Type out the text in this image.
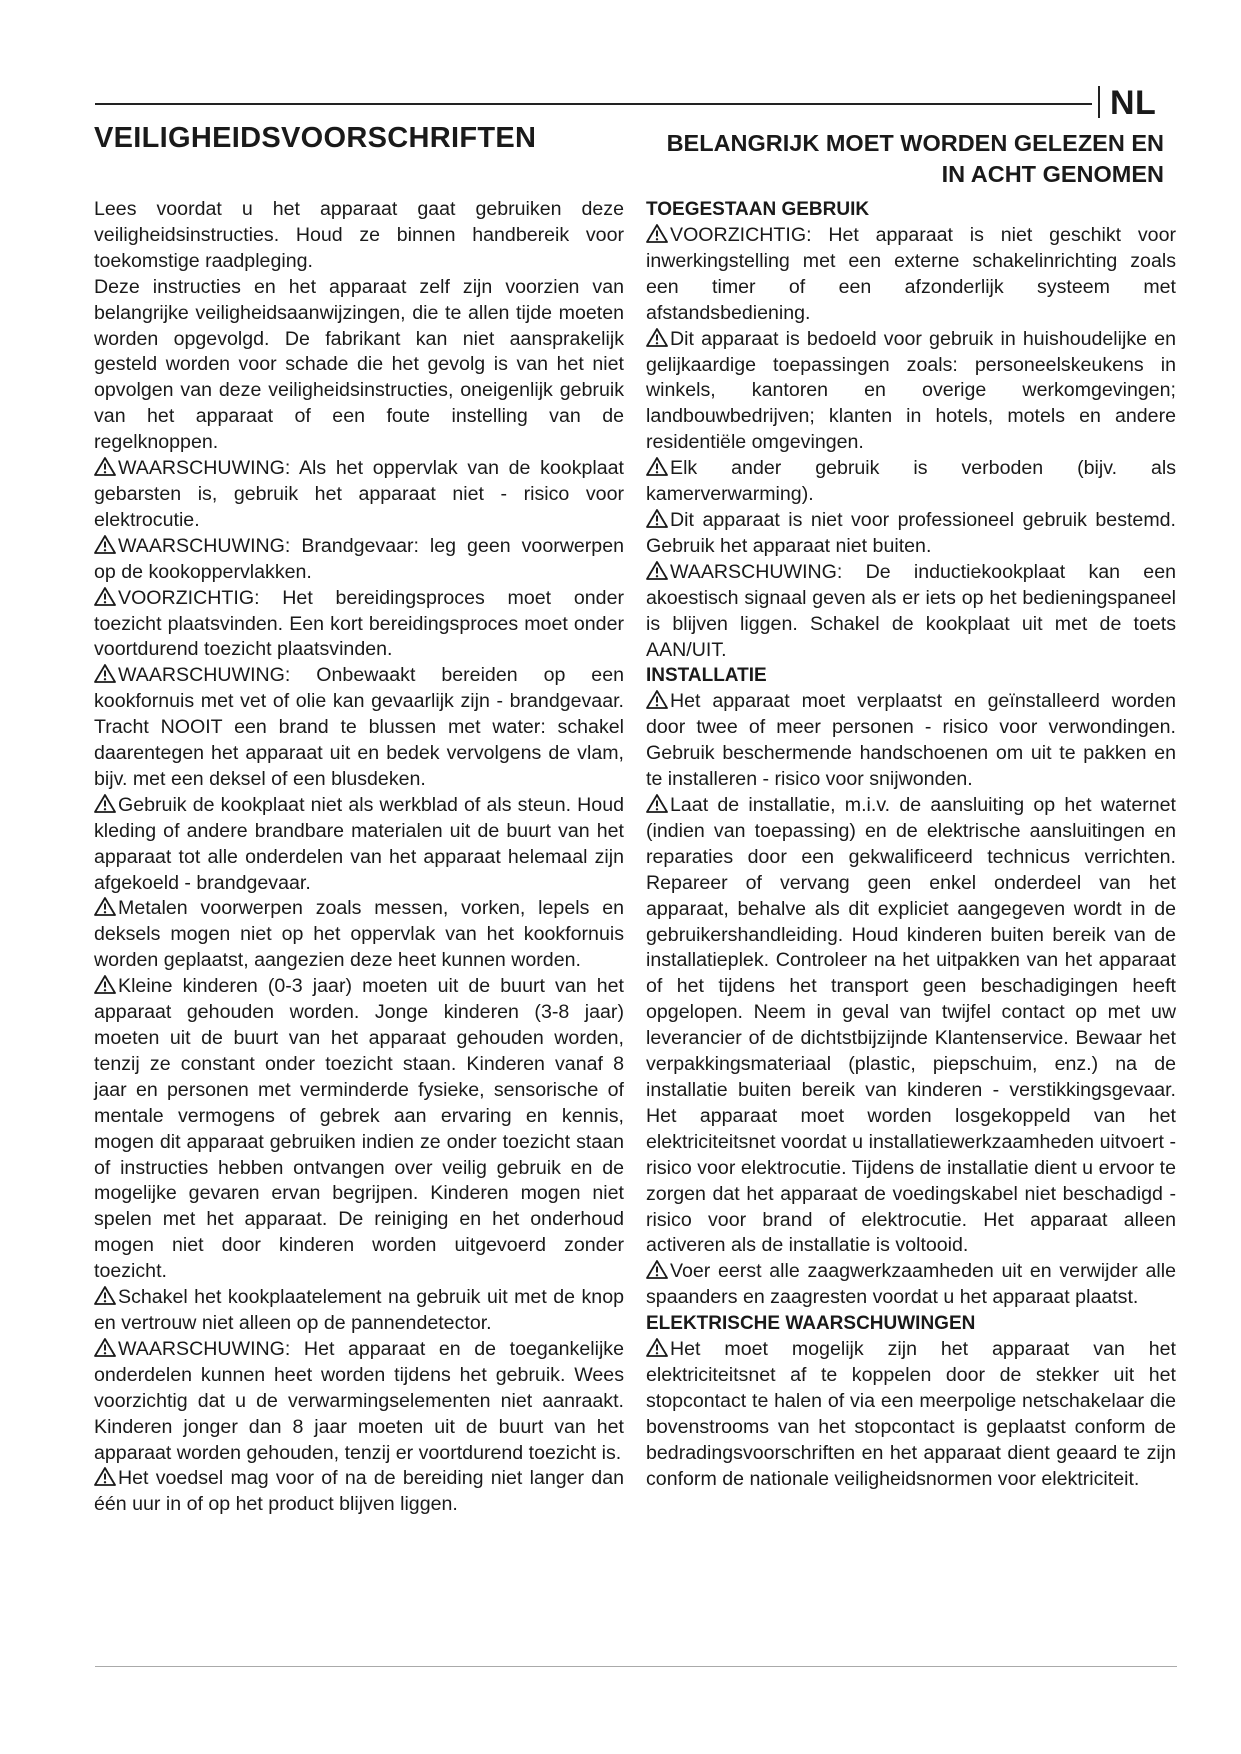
NL
VEILIGHEIDSVOORSCHRIFTEN	BELANGRIJK MOET WORDEN GELEZEN EN
IN ACHT GENOMEN

Lees voordat u het apparaat gaat gebruiken deze veiligheidsinstructies. Houd ze binnen handbereik voor toekomstige raadpleging.

Deze instructies en het apparaat zelf zijn voorzien van belangrijke veiligheidsaanwijzingen, die te allen tijde moeten worden opgevolgd. De fabrikant kan niet aansprakelijk gesteld worden voor schade die het gevolg is van het niet opvolgen van deze veiligheidsinstructies, oneigenlijk gebruik van het apparaat of een foute instelling van de regelknoppen.

WAARSCHUWING: Als het oppervlak van de kookplaat gebarsten is, gebruik het apparaat niet - risico voor elektrocutie.

WAARSCHUWING: Brandgevaar: leg geen voorwerpen op de kookoppervlakken.

VOORZICHTIG: Het bereidingsproces moet onder toezicht plaatsvinden. Een kort bereidingsproces moet onder voortdurend toezicht plaatsvinden.

WAARSCHUWING: Onbewaakt bereiden op een kookfornuis met vet of olie kan gevaarlijk zijn - brandgevaar. Tracht NOOIT een brand te blussen met water: schakel daarentegen het apparaat uit en bedek vervolgens de vlam, bijv. met een deksel of een blusdeken.

Gebruik de kookplaat niet als werkblad of als steun. Houd kleding of andere brandbare materialen uit de buurt van het apparaat tot alle onderdelen van het apparaat helemaal zijn afgekoeld - brandgevaar.

Metalen voorwerpen zoals messen, vorken, lepels en deksels mogen niet op het oppervlak van het kookfornuis worden geplaatst, aangezien deze heet kunnen worden.

Kleine kinderen (0-3 jaar) moeten uit de buurt van het apparaat gehouden worden. Jonge kinderen (3-8 jaar) moeten uit de buurt van het apparaat gehouden worden, tenzij ze constant onder toezicht staan. Kinderen vanaf 8 jaar en personen met verminderde fysieke, sensorische of mentale vermogens of gebrek aan ervaring en kennis, mogen dit apparaat gebruiken indien ze onder toezicht staan of instructies hebben ontvangen over veilig gebruik en de mogelijke gevaren ervan begrijpen. Kinderen mogen niet spelen met het apparaat. De reiniging en het onderhoud mogen niet door kinderen worden uitgevoerd zonder toezicht.

Schakel het kookplaatelement na gebruik uit met de knop en vertrouw niet alleen op de pannendetector.

WAARSCHUWING: Het apparaat en de toegankelijke onderdelen kunnen heet worden tijdens het gebruik. Wees voorzichtig dat u de verwarmingselementen niet aanraakt. Kinderen jonger dan 8 jaar moeten uit de buurt van het apparaat worden gehouden, tenzij er voortdurend toezicht is.

Het voedsel mag voor of na de bereiding niet langer dan één uur in of op het product blijven liggen.

TOEGESTAAN GEBRUIK

VOORZICHTIG: Het apparaat is niet geschikt voor inwerkingstelling met een externe schakelinrichting zoals een timer of een afzonderlijk systeem met afstandsbediening.

Dit apparaat is bedoeld voor gebruik in huishoudelijke en gelijkaardige toepassingen zoals: personeelskeukens in winkels, kantoren en overige werkomgevingen; landbouwbedrijven; klanten in hotels, motels en andere residentiële omgevingen.

Elk ander gebruik is verboden (bijv. als kamerverwarming).

Dit apparaat is niet voor professioneel gebruik bestemd. Gebruik het apparaat niet buiten.

WAARSCHUWING: De inductiekookplaat kan een akoestisch signaal geven als er iets op het bedieningspaneel is blijven liggen. Schakel de kookplaat uit met de toets AAN/UIT.

INSTALLATIE

Het apparaat moet verplaatst en geïnstalleerd worden door twee of meer personen - risico voor verwondingen. Gebruik beschermende handschoenen om uit te pakken en te installeren - risico voor snijwonden.

Laat de installatie, m.i.v. de aansluiting op het waternet (indien van toepassing) en de elektrische aansluitingen en reparaties door een gekwalificeerd technicus verrichten. Repareer of vervang geen enkel onderdeel van het apparaat, behalve als dit expliciet aangegeven wordt in de gebruikershandleiding. Houd kinderen buiten bereik van de installatieplek. Controleer na het uitpakken van het apparaat of het tijdens het transport geen beschadigingen heeft opgelopen. Neem in geval van twijfel contact op met uw leverancier of de dichtstbijzijnde Klantenservice. Bewaar het verpakkingsmateriaal (plastic, piepschuim, enz.) na de installatie buiten bereik van kinderen - verstikkingsgevaar. Het apparaat moet worden losgekoppeld van het elektriciteitsnet voordat u installatiewerkzaamheden uitvoert - risico voor elektrocutie. Tijdens de installatie dient u ervoor te zorgen dat het apparaat de voedingskabel niet beschadigd - risico voor brand of elektrocutie. Het apparaat alleen activeren als de installatie is voltooid.

Voer eerst alle zaagwerkzaamheden uit en verwijder alle spaanders en zaagresten voordat u het apparaat plaatst.

ELEKTRISCHE WAARSCHUWINGEN

Het moet mogelijk zijn het apparaat van het elektriciteitsnet af te koppelen door de stekker uit het stopcontact te halen of via een meerpolige netschakelaar die bovenstrooms van het stopcontact is geplaatst conform de bedradingsvoorschriften en het apparaat dient geaard te zijn conform de nationale veiligheidsnormen voor elektriciteit.
